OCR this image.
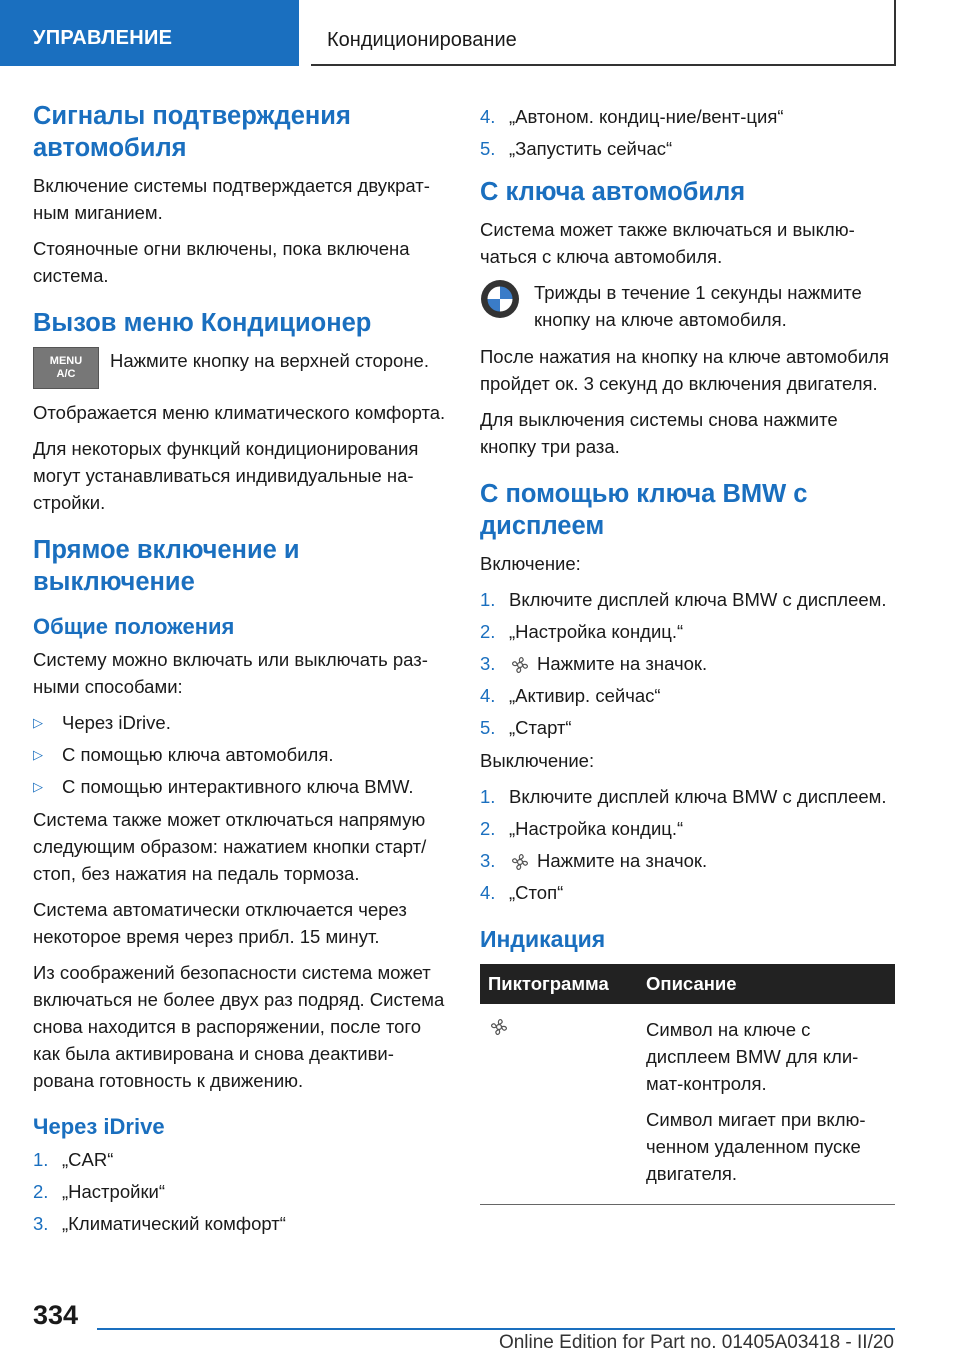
УПРАВЛЕНИЕ	Кондиционирование
Сигналы подтверждения автомобиля

Включение системы подтверждается двукратным миганием.

Стояночные огни включены, пока включена система.

Вызов меню Кондиционер
MENU
A/C

Нажмите кнопку на верхней стороне.

Отображается меню климатического комфорта.

Для некоторых функций кондиционирования могут устанавливаться индивидуальные настройки.

Прямое включение и выключение
Общие положения

Систему можно включать или выключать разными способами:

▷ Через iDrive.
▷ С помощью ключа автомобиля.
▷ С помощью интерактивного ключа BMW.

Система также может отключаться напрямую следующим образом: нажатием кнопки старт/стоп, без нажатия на педаль тормоза.

Система автоматически отключается через некоторое время через прибл. 15 минут.

Из соображений безопасности система может включаться не более двух раз подряд. Система снова находится в распоряжении, после того как была активирована и снова деактивирована готовность к движению.

Через iDrive
1. „CAR“
2. „Настройки“
3. „Климатический комфорт“
4. „Автоном. кондиц-ние/вент-ция“
5. „Запустить сейчас“
С ключа автомобиля

Система может также включаться и выключаться с ключа автомобиля.

Трижды в течение 1 секунды нажмите кнопку на ключе автомобиля.

После нажатия на кнопку на ключе автомобиля пройдет ок. 3 секунд до включения двигателя.

Для выключения системы снова нажмите кнопку три раза.

С помощью ключа BMW с дисплеем

Включение:

1. Включите дисплей ключа BMW с дисплеем.
2. „Настройка кондиц.“
3. Нажмите на значок.
4. „Активир. сейчас“
5. „Старт“

Выключение:

1. Включите дисплей ключа BMW с дисплеем.
2. „Настройка кондиц.“
3. Нажмите на значок.
4. „Стоп“
Индикация
Пиктограмма	Описание

Символ на ключе с дисплеем BMW для климат-контроля.

Символ мигает при включенном удаленном пуске двигателя.

334
Online Edition for Part no. 01405A03418 - II/20
